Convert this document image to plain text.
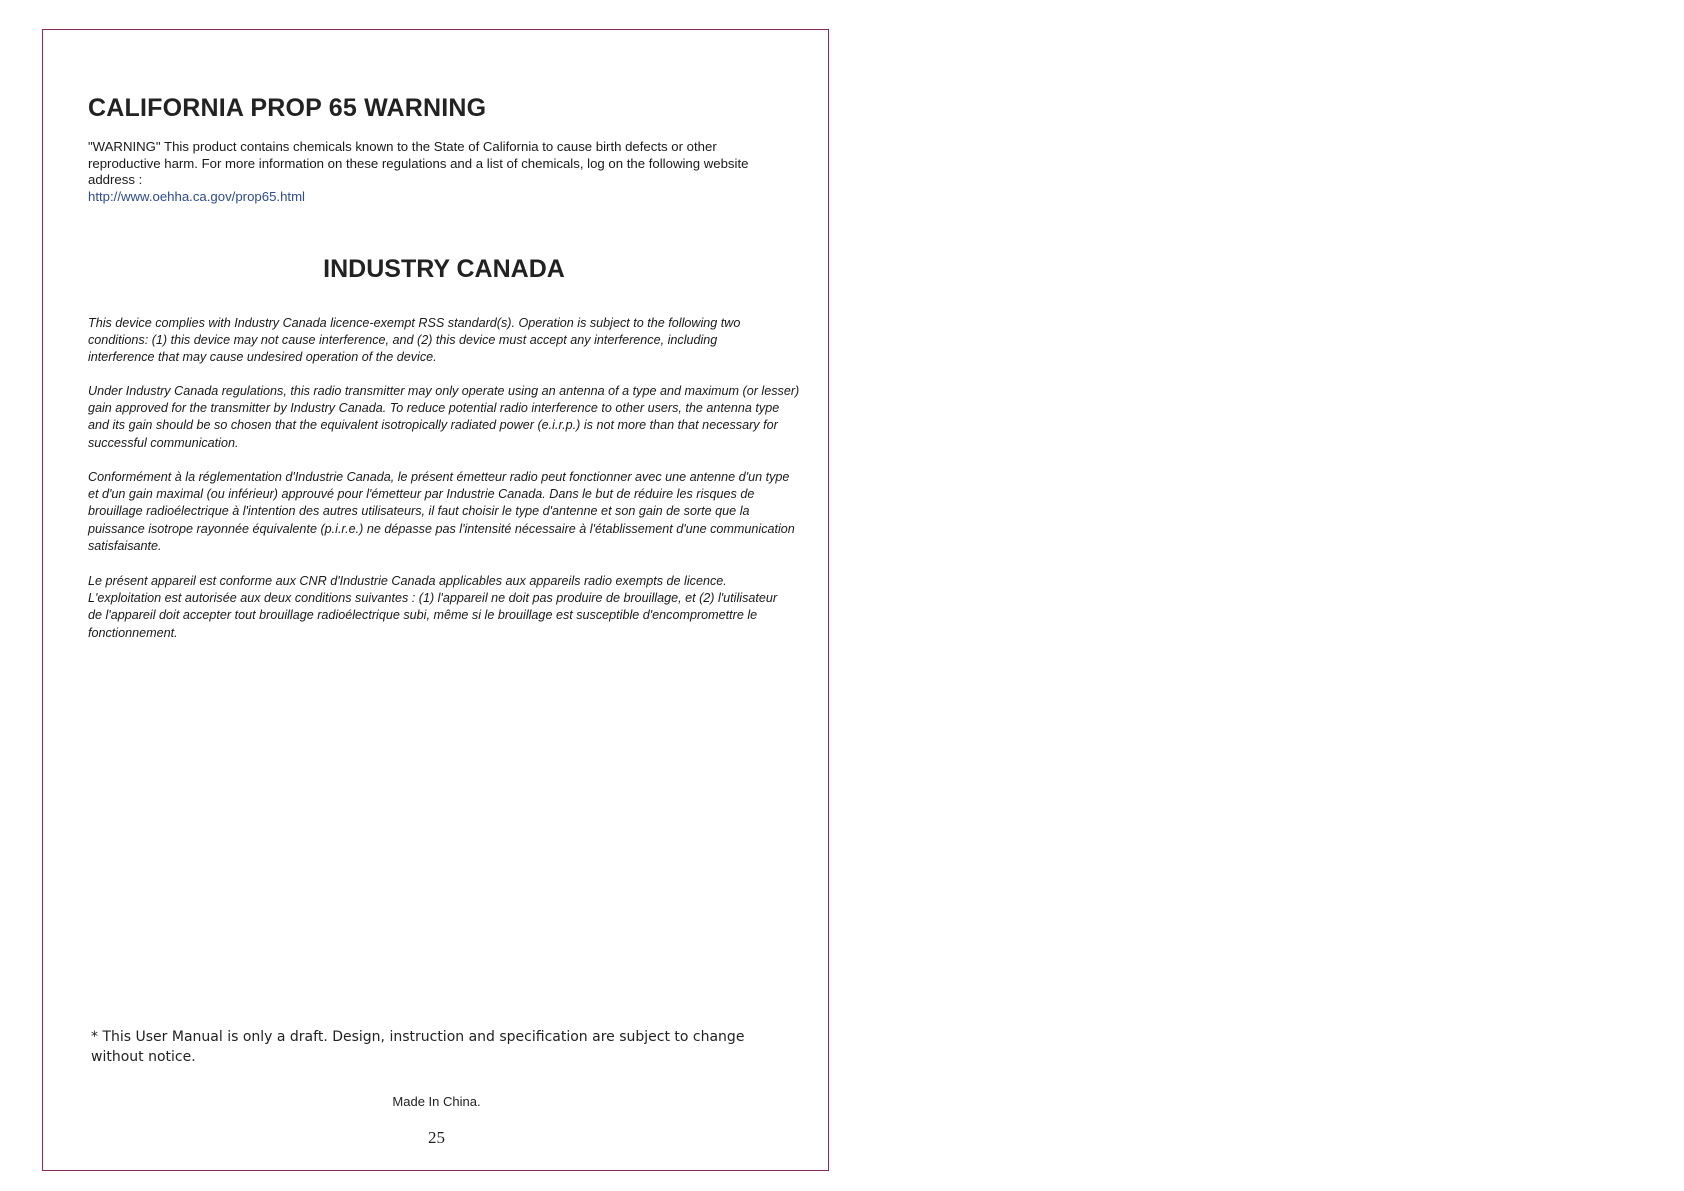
CALIFORNIA PROP 65 WARNING
"WARNING" This product contains chemicals known to the State of California to cause birth defects or other reproductive harm. For more information on these regulations and a list of chemicals, log on the following website address :
http://www.oehha.ca.gov/prop65.html
INDUSTRY CANADA

This device complies with Industry Canada licence-exempt RSS standard(s). Operation is subject to the following two conditions: (1) this device may not cause interference, and (2) this device must accept any interference, including interference that may cause undesired operation of the device.

Under Industry Canada regulations, this radio transmitter may only operate using an antenna of a type and maximum (or lesser) gain approved for the transmitter by Industry Canada. To reduce potential radio interference to other users, the antenna type and its gain should be so chosen that the equivalent isotropically radiated power (e.i.r.p.) is not more than that necessary for successful communication.

Conformément à la réglementation d'Industrie Canada, le présent émetteur radio peut fonctionner avec une antenne d'un type et d'un gain maximal (ou inférieur) approuvé pour l'émetteur par Industrie Canada. Dans le but de réduire les risques de brouillage radioélectrique à l'intention des autres utilisateurs, il faut choisir le type d'antenne et son gain de sorte que la puissance isotrope rayonnée équivalente (p.i.r.e.) ne dépasse pas l'intensité nécessaire à l'établissement d'une communication satisfaisante.

Le présent appareil est conforme aux CNR d'Industrie Canada applicables aux appareils radio exempts de licence. L'exploitation est autorisée aux deux conditions suivantes : (1) l'appareil ne doit pas produire de brouillage, et (2) l'utilisateur de l'appareil doit accepter tout brouillage radioélectrique subi, même si le brouillage est susceptible d'encompromettre le fonctionnement.

* This User Manual is only a draft. Design, instruction and specification are subject to change without notice.

Made In China.
25
